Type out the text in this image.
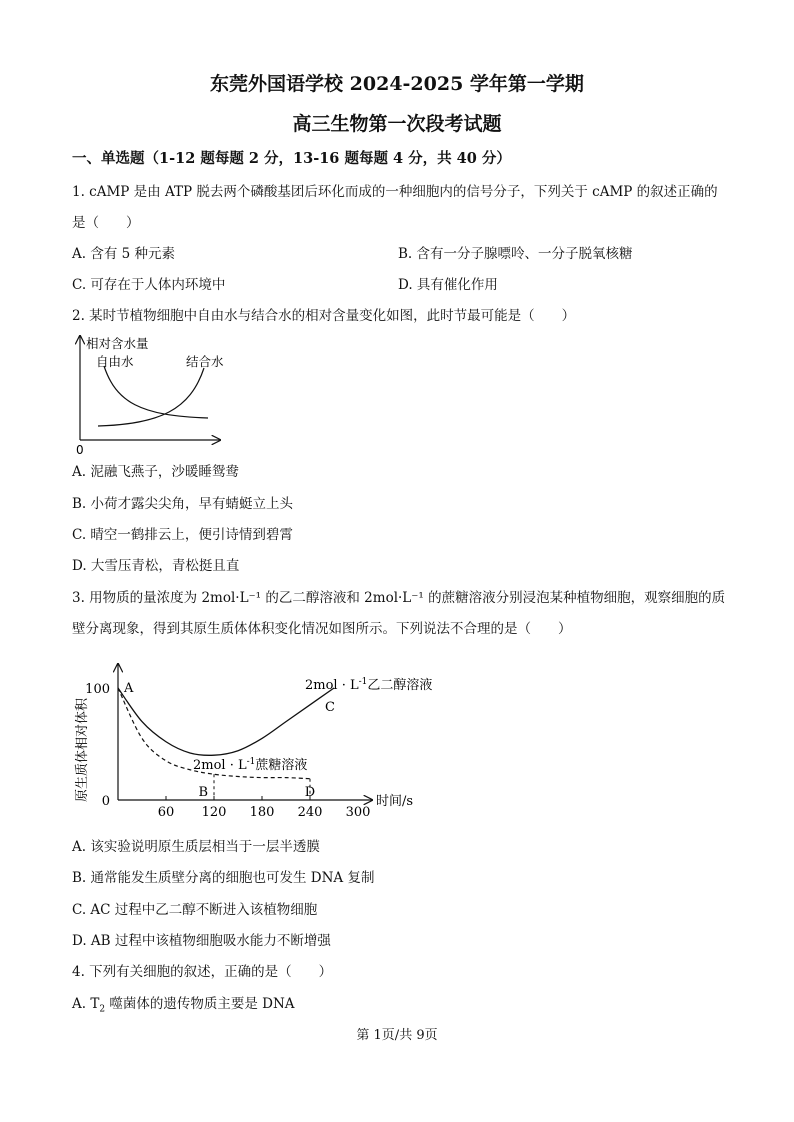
东莞外国语学校 2024-2025 学年第一学期
高三生物第一次段考试题
一、单选题（1-12 题每题 2 分，13-16 题每题 4 分，共 40 分）
1. cAMP 是由 ATP 脱去两个磷酸基团后环化而成的一种细胞内的信号分子，下列关于 cAMP 的叙述正确的
是（　　）
A. 含有 5 种元素	B. 含有一分子腺嘌呤、一分子脱氧核糖
C. 可存在于人体内环境中	D. 具有催化作用
2. 某时节植物细胞中自由水与结合水的相对含量变化如图，此时节最可能是（　　）
相对含水量
自由水	结合水
0
A. 泥融飞燕子，沙暖睡鸳鸯
B. 小荷才露尖尖角，早有蜻蜓立上头
C. 晴空一鹤排云上，便引诗情到碧霄
D. 大雪压青松，青松挺且直
3. 用物质的量浓度为 2mol·L⁻¹ 的乙二醇溶液和 2mol·L⁻¹ 的蔗糖溶液分别浸泡某种植物细胞，观察细胞的质
壁分离现象，得到其原生质体体积变化情况如图所示。下列说法不合理的是（　　）
0
100
60 120 180 240 300
原生质体相对体积	时间/s
A
B
C
D
$2mol \cdot L^{-1}$乙二醇溶液
$2mol \cdot L^{-1}$蔗糖溶液
A. 该实验说明原生质层相当于一层半透膜
B. 通常能发生质壁分离的细胞也可发生 DNA 复制
C. AC 过程中乙二醇不断进入该植物细胞
D. AB 过程中该植物细胞吸水能力不断增强
4. 下列有关细胞的叙述，正确的是（　　）
A. $T_2$ 噬菌体的遗传物质主要是 DNA
第 1页/共 9页
